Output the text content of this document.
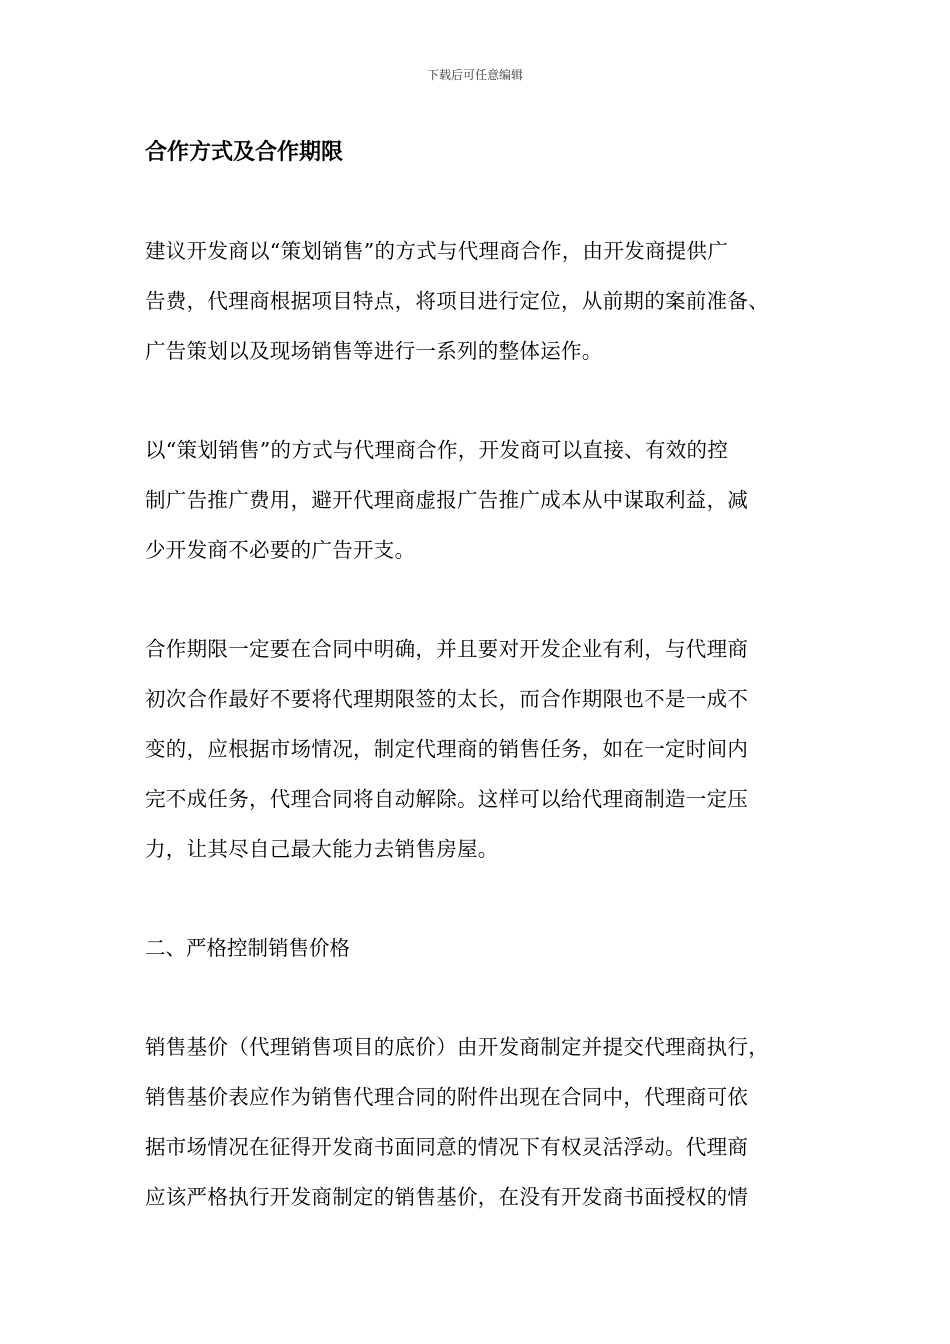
下载后可任意编辑
合作方式及合作期限

建议开发商以“策划销售”的方式与代理商合作，由开发商提供广
告费，代理商根据项目特点，将项目进行定位，从前期的案前准备、
广告策划以及现场销售等进行一系列的整体运作。

以“策划销售”的方式与代理商合作，开发商可以直接、有效的控
制广告推广费用，避开代理商虚报广告推广成本从中谋取利益，减
少开发商不必要的广告开支。

合作期限一定要在合同中明确，并且要对开发企业有利，与代理商
初次合作最好不要将代理期限签的太长，而合作期限也不是一成不
变的，应根据市场情况，制定代理商的销售任务，如在一定时间内
完不成任务，代理合同将自动解除。这样可以给代理商制造一定压
力，让其尽自己最大能力去销售房屋。

二、严格控制销售价格

销售基价（代理销售项目的底价）由开发商制定并提交代理商执行，
销售基价表应作为销售代理合同的附件出现在合同中，代理商可依
据市场情况在征得开发商书面同意的情况下有权灵活浮动。代理商
应该严格执行开发商制定的销售基价，在没有开发商书面授权的情
